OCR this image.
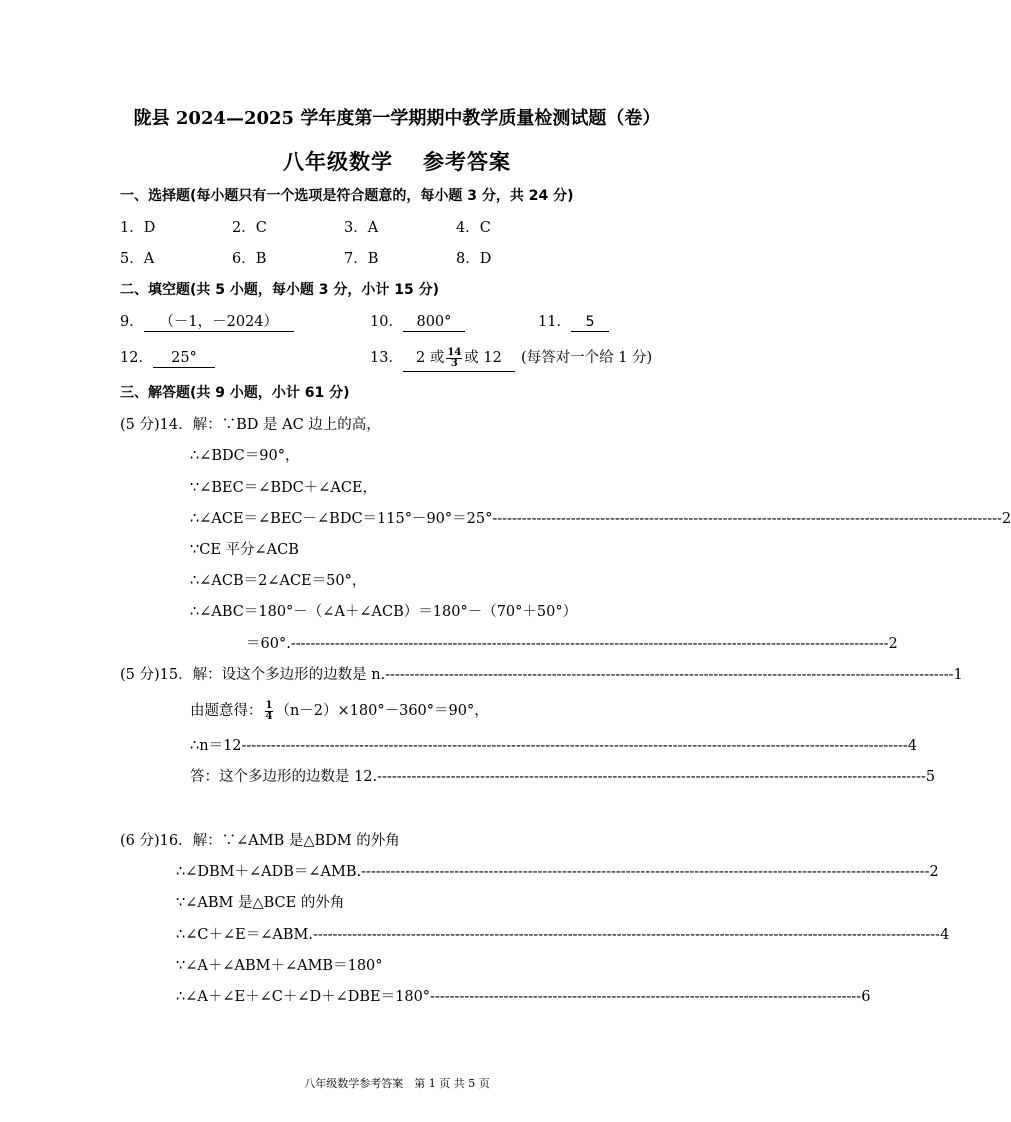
陇县 2024—2025 学年度第一学期期中教学质量检测试题（卷）
八年级数学 参考答案
一、选择题(每小题只有一个选项是符合题意的，每小题 3 分，共 24 分)
1．D	2．C	3．A	4．C
5．A	6．B	7．B	8．D
二、填空题(共 5 小题，每小题 3 分，小计 15 分)
9． （－1，－2024）	10． 800°	11． 5
12． 25°	13． 2 或 $\frac{14}{3}$ 或 12 (每答对一个给 1 分)
三、解答题(共 9 小题，小计 61 分)
(5 分)14．解：∵BD 是 AC 边上的高，
∴∠BDC＝90°，
∵∠BEC＝∠BDC＋∠ACE，
∴∠ACE＝∠BEC－∠BDC＝115°－90°＝25° -------------------------------------------------------------------------------------------------------- 2
∵CE 平分∠ACB
∴∠ACB＝2∠ACE＝50°，
∴∠ABC＝180°－（∠A＋∠ACB）＝180°－（70°＋50°）
＝60°. -------------------------------------------------------------------------------------------------------------------------- 2
(5 分)15．解：设这个多边形的边数是 n. -------------------------------------------------------------------------------------------------------------------- 1
由题意得： $\frac{1}{4} (n-2)\times 180^\circ-360^\circ=90^\circ$，
∴n＝12 ---------------------------------------------------------------------------------------------------------------------------------------- 4
答：这个多边形的边数是 12. ---------------------------------------------------------------------------------------------------------------- 5
(6 分)16．解：∵∠AMB 是△BDM 的外角
∴∠DBM＋∠ADB＝∠AMB. -------------------------------------------------------------------------------------------------------------------- 2
∵∠ABM 是△BCE 的外角
∴∠C＋∠E＝∠ABM. -------------------------------------------------------------------------------------------------------------------------------- 4
∵∠A＋∠ABM＋∠AMB＝180°
∴∠A＋∠E＋∠C＋∠D＋∠DBE＝180° ---------------------------------------------------------------------------------------- 6
八年级数学参考答案　第 1 页 共 5 页
